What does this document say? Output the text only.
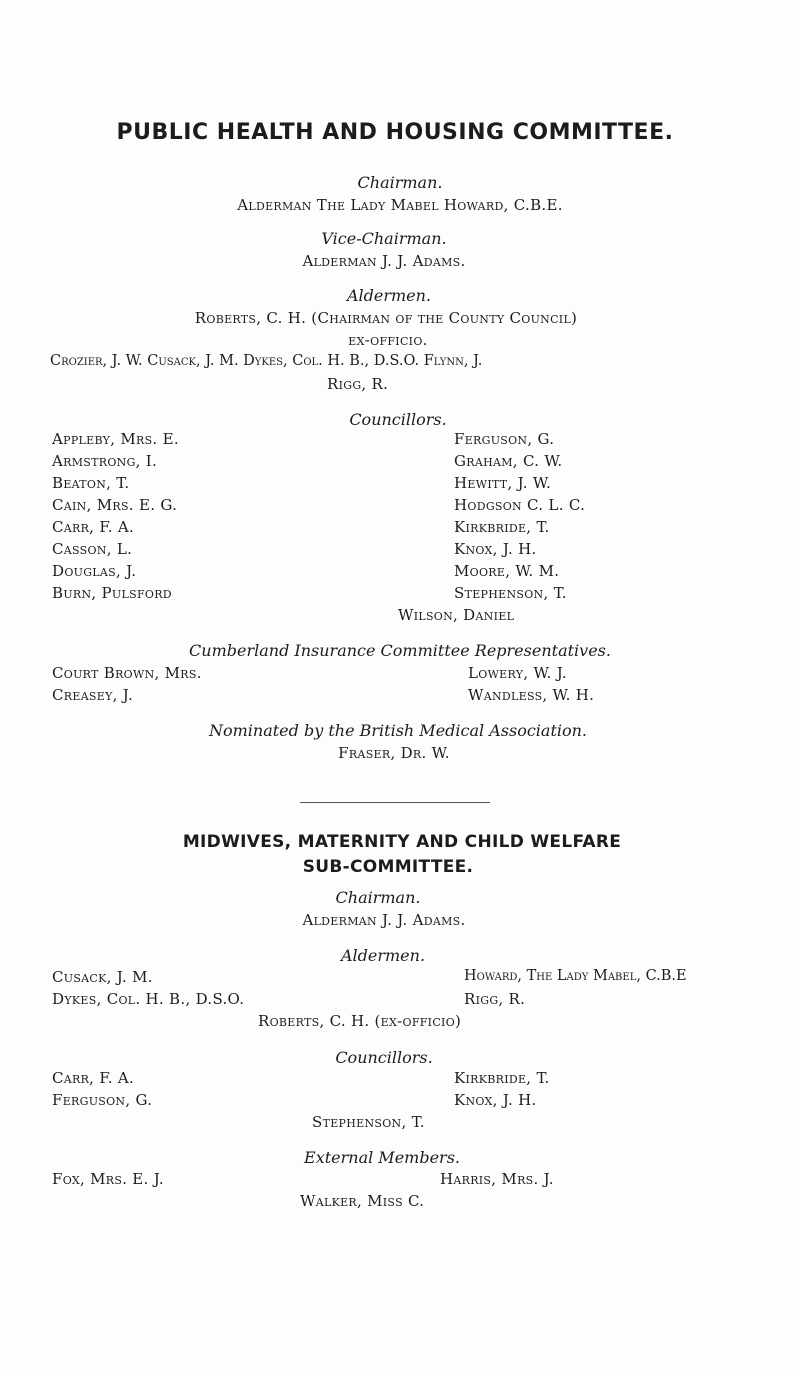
PUBLIC HEALTH AND HOUSING COMMITTEE.
Chairman.
Alderman The Lady Mabel Howard, C.B.E.
Vice-Chairman.
Alderman J. J. Adams.
Aldermen.
Roberts, C. H. (Chairman of the County Council)
ex-officio.
Crozier, J. W. Cusack, J. M. Dykes, Col. H. B., D.S.O. Flynn, J.
Rigg, R.
Councillors.
Appleby, Mrs. E.
Armstrong, I.
Beaton, T.
Cain, Mrs. E. G.
Carr, F. A.
Casson, L.
Douglas, J.
Burn, Pulsford
Ferguson, G.
Graham, C. W.
Hewitt, J. W.
Hodgson C. L. C.
Kirkbride, T.
Knox, J. H.
Moore, W. M.
Stephenson, T.
Wilson, Daniel
Cumberland Insurance Committee Representatives.
Court Brown, Mrs.
Creasey, J.
Lowery, W. J.
Wandless, W. H.
Nominated by the British Medical Association.
Fraser, Dr. W.
MIDWIVES, MATERNITY AND CHILD WELFARE
SUB-COMMITTEE.
Chairman.
Alderman J. J. Adams.
Aldermen.
Cusack, J. M.
Dykes, Col. H. B., D.S.O.
Howard, The Lady Mabel, C.B.E
Rigg, R.
Roberts, C. H. (ex-officio)
Councillors.
Carr, F. A.
Ferguson, G.
Kirkbride, T.
Knox, J. H.
Stephenson, T.
External Members.
Fox, Mrs. E. J.	Harris, Mrs. J.
Walker, Miss C.
